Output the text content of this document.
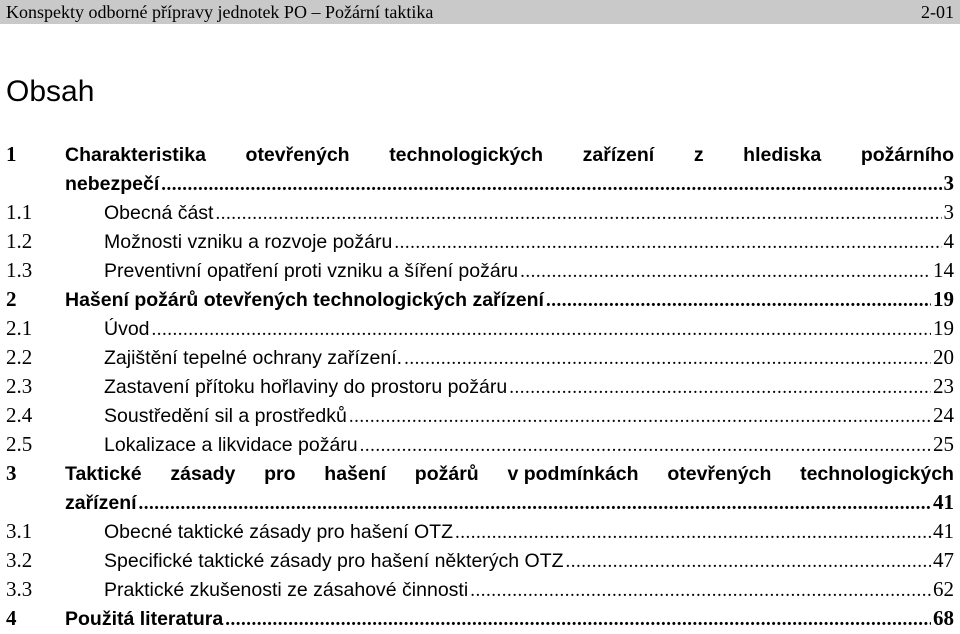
Konspekty odborné přípravy jednotek PO – Požární taktika	2-01
Obsah
1	Charakteristika otevřených technologických zařízení z hlediska požárního
nebezpečí .....	3
1.1	Obecná část .....	3
1.2	Možnosti vzniku a rozvoje požáru .....	4
1.3	Preventivní opatření proti vzniku a šíření požáru .....	14
2	Hašení požárů otevřených technologických zařízení .....	19
2.1	Úvod .....	19
2.2	Zajištění tepelné ochrany zařízení. .....	20
2.3	Zastavení přítoku hořlaviny do prostoru požáru .....	23
2.4	Soustředění sil a prostředků .....	24
2.5	Lokalizace a likvidace požáru .....	25
3	Taktické zásady pro hašení požárů v podmínkách otevřených technologických
zařízení .....	41
3.1	Obecné taktické zásady pro hašení OTZ .....	41
3.2	Specifické taktické zásady pro hašení některých OTZ .....	47
3.3	Praktické zkušenosti ze zásahové činnosti .....	62
4	Použitá literatura .....	68
